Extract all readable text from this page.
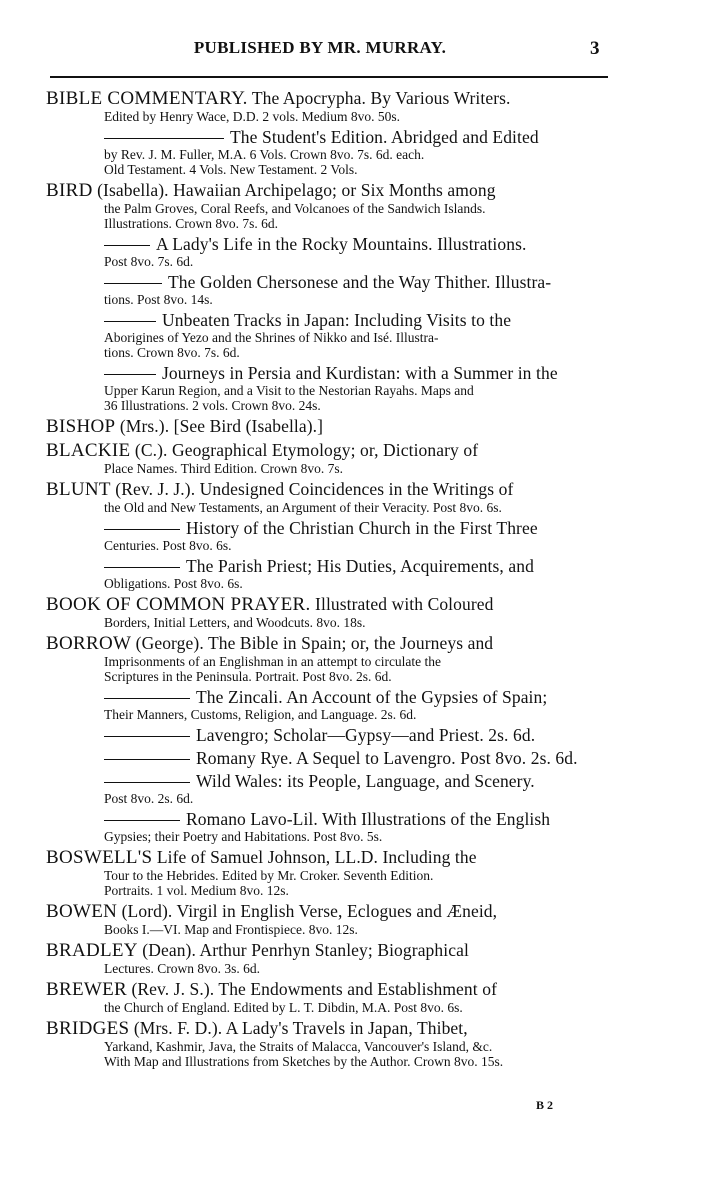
PUBLISHED BY MR. MURRAY.	3
BIBLE COMMENTARY. The Apocrypha. By Various Writers.
Edited by Henry Wace, D.D. 2 vols. Medium 8vo. 50s.
The Student's Edition. Abridged and Edited
by Rev. J. M. Fuller, M.A. 6 Vols. Crown 8vo. 7s. 6d. each.
Old Testament. 4 Vols. New Testament. 2 Vols.
BIRD (Isabella). Hawaiian Archipelago; or Six Months among
the Palm Groves, Coral Reefs, and Volcanoes of the Sandwich Islands.
Illustrations. Crown 8vo. 7s. 6d.
A Lady's Life in the Rocky Mountains. Illustrations.
Post 8vo. 7s. 6d.
The Golden Chersonese and the Way Thither. Illustra-
tions. Post 8vo. 14s.
Unbeaten Tracks in Japan: Including Visits to the
Aborigines of Yezo and the Shrines of Nikko and Isé. Illustra-
tions. Crown 8vo. 7s. 6d.
Journeys in Persia and Kurdistan: with a Summer in the
Upper Karun Region, and a Visit to the Nestorian Rayahs. Maps and
36 Illustrations. 2 vols. Crown 8vo. 24s.
BISHOP (Mrs.). [See Bird (Isabella).]
BLACKIE (C.). Geographical Etymology; or, Dictionary of
Place Names. Third Edition. Crown 8vo. 7s.
BLUNT (Rev. J. J.). Undesigned Coincidences in the Writings of
the Old and New Testaments, an Argument of their Veracity. Post 8vo. 6s.
History of the Christian Church in the First Three
Centuries. Post 8vo. 6s.
The Parish Priest; His Duties, Acquirements, and
Obligations. Post 8vo. 6s.
BOOK OF COMMON PRAYER. Illustrated with Coloured
Borders, Initial Letters, and Woodcuts. 8vo. 18s.
BORROW (George). The Bible in Spain; or, the Journeys and
Imprisonments of an Englishman in an attempt to circulate the
Scriptures in the Peninsula. Portrait. Post 8vo. 2s. 6d.
The Zincali. An Account of the Gypsies of Spain;
Their Manners, Customs, Religion, and Language. 2s. 6d.
Lavengro; Scholar—Gypsy—and Priest. 2s. 6d.
Romany Rye. A Sequel to Lavengro. Post 8vo. 2s. 6d.
Wild Wales: its People, Language, and Scenery.
Post 8vo. 2s. 6d.
Romano Lavo-Lil. With Illustrations of the English
Gypsies; their Poetry and Habitations. Post 8vo. 5s.
BOSWELL'S Life of Samuel Johnson, LL.D. Including the
Tour to the Hebrides. Edited by Mr. Croker. Seventh Edition.
Portraits. 1 vol. Medium 8vo. 12s.
BOWEN (Lord). Virgil in English Verse, Eclogues and Æneid,
Books I.—VI. Map and Frontispiece. 8vo. 12s.
BRADLEY (Dean). Arthur Penrhyn Stanley; Biographical
Lectures. Crown 8vo. 3s. 6d.
BREWER (Rev. J. S.). The Endowments and Establishment of
the Church of England. Edited by L. T. Dibdin, M.A. Post 8vo. 6s.
BRIDGES (Mrs. F. D.). A Lady's Travels in Japan, Thibet,
Yarkand, Kashmir, Java, the Straits of Malacca, Vancouver's Island, &c.
With Map and Illustrations from Sketches by the Author. Crown 8vo. 15s.
B 2
